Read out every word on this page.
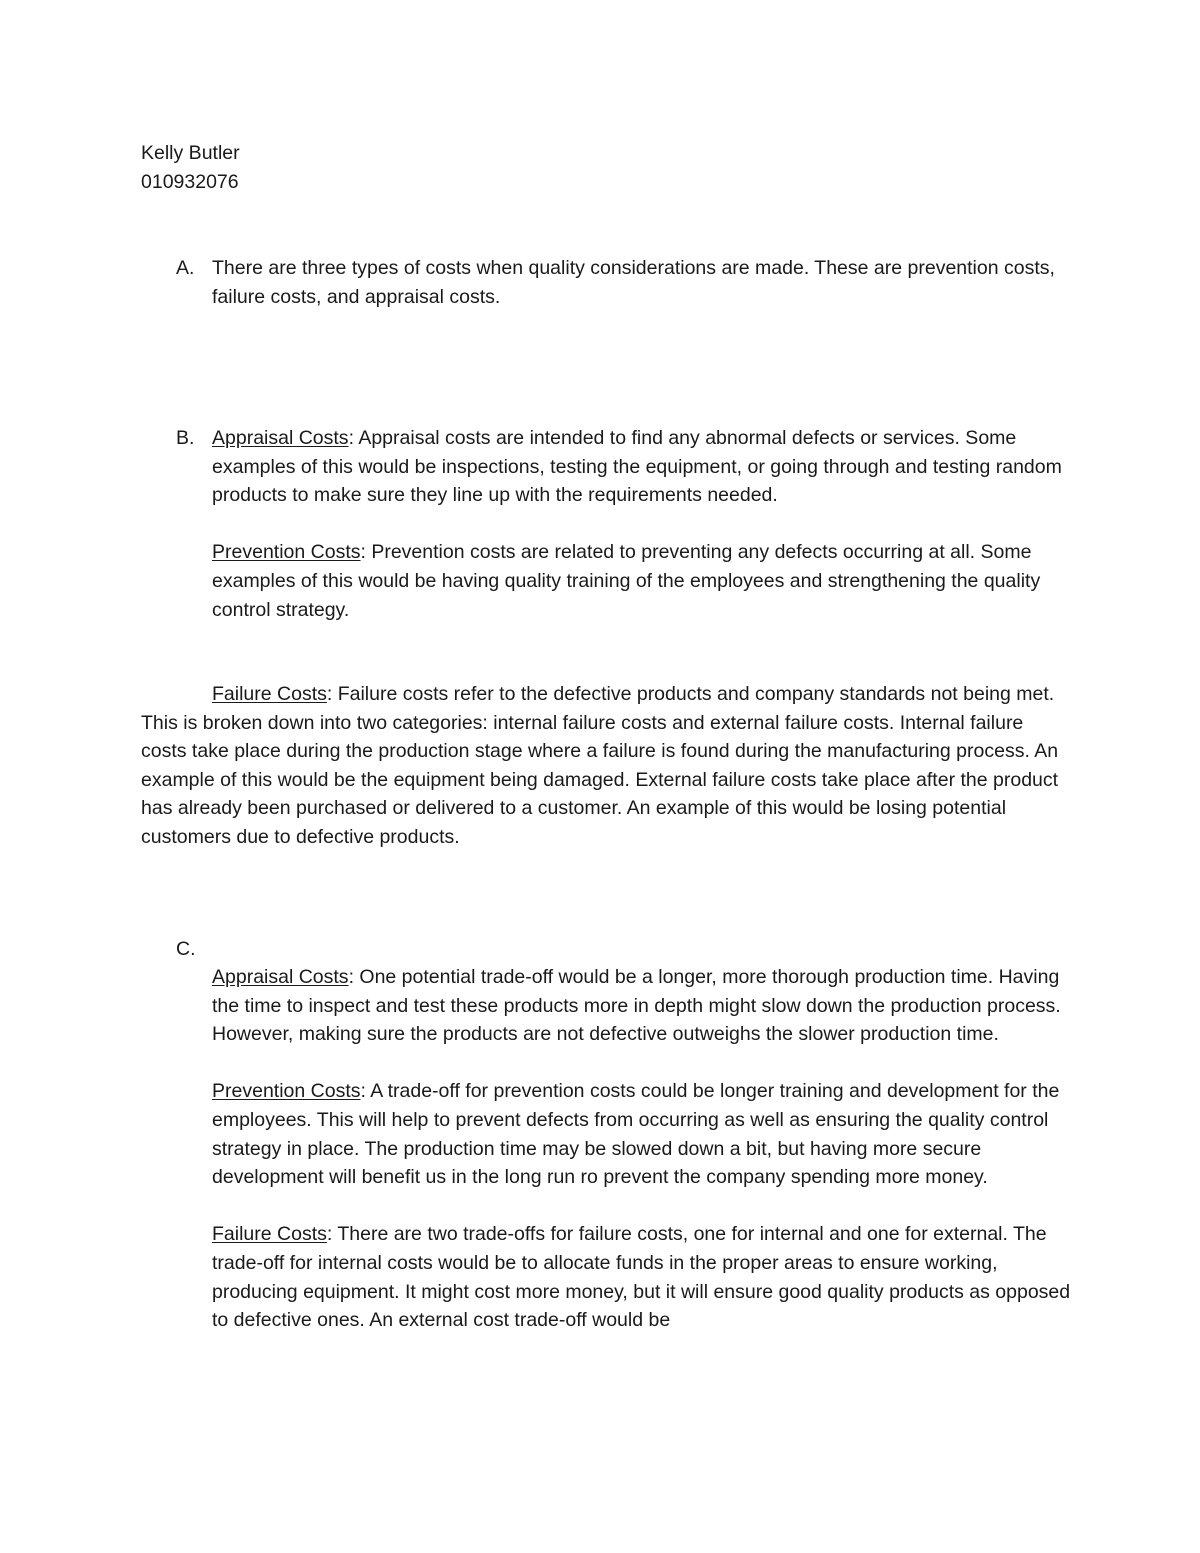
Kelly Butler
010932076
A. There are three types of costs when quality considerations are made. These are prevention costs, failure costs, and appraisal costs.

B. Appraisal Costs: Appraisal costs are intended to find any abnormal defects or services. Some examples of this would be inspections, testing the equipment, or going through and testing random products to make sure they line up with the requirements needed.

Prevention Costs: Prevention costs are related to preventing any defects occurring at all. Some examples of this would be having quality training of the employees and strengthening the quality control strategy.

Failure Costs: Failure costs refer to the defective products and company standards not being met. This is broken down into two categories: internal failure costs and external failure costs. Internal failure costs take place during the production stage where a failure is found during the manufacturing process. An example of this would be the equipment being damaged. External failure costs take place after the product has already been purchased or delivered to a customer. An example of this would be losing potential customers due to defective products.

C.

Appraisal Costs: One potential trade-off would be a longer, more thorough production time. Having the time to inspect and test these products more in depth might slow down the production process. However, making sure the products are not defective outweighs the slower production time.

Prevention Costs: A trade-off for prevention costs could be longer training and development for the employees. This will help to prevent defects from occurring as well as ensuring the quality control strategy in place. The production time may be slowed down a bit, but having more secure development will benefit us in the long run ro prevent the company spending more money.

Failure Costs: There are two trade-offs for failure costs, one for internal and one for external. The trade-off for internal costs would be to allocate funds in the proper areas to ensure working, producing equipment. It might cost more money, but it will ensure good quality products as opposed to defective ones. An external cost trade-off would be
